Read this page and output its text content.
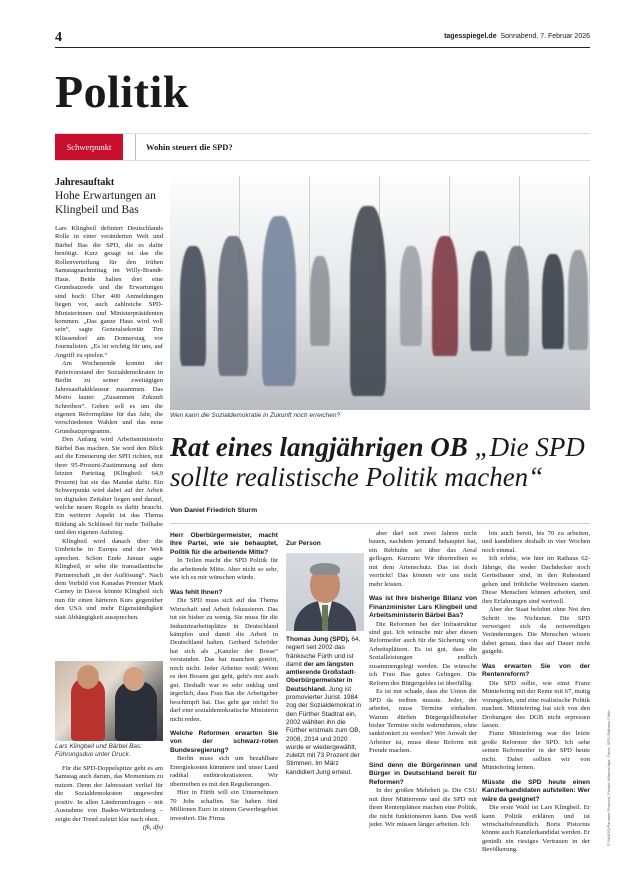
4	tagesspiegel.de Sonnabend, 7. Februar 2026
Politik
Schwerpunkt	Wohin steuert die SPD?
Jahresauftakt
Hohe Erwartungen an Klingbeil und Bas

Lars Klingbeil definiert Deutschlands Rolle in einer veränderten Welt und Bärbel Bas die SPD, die es dafür benötigt. Kurz gesagt ist das die Rollenverteilung für den frühen Samstagnachmittag im Willy-Brandt-Haus. Beide halten dort eine Grundsatzrede und die Erwartungen sind hoch: Über 400 Anmeldungen liegen vor, auch zahlreiche SPD-Ministerinnen und Ministerpräsidenten kommen. „Das ganze Haus wird voll sein“, sagte Generalsekretär Tim Klüssendorf am Donnerstag vor Journalisten. „Es ist wichtig für uns, auf Angriff zu spielen.“

Am Wochenende kommt der Parteivorstand der Sozialdemokraten in Berlin zu seiner zweitägigen Jahresauftaktklausur zusammen. Das Motto lautet: „Zusammen Zukunft Schreiben“. Gehen soll es um die eigenen Reformpläne für das Jahr, die verschiedenen Wahlen und das neue Grundsatzprogramm.

Den Anfang wird Arbeitsministerin Bärbel Bas machen. Sie wird den Blick auf die Erneuerung der SPD richten, mit ihrer 95-Prozent-Zustimmung auf dem letzten Parteitag (Klingbeil: 64,9 Prozent) hat sie das Mandat dafür. Ein Schwerpunkt wird dabei auf der Arbeit im digitalen Zeitalter liegen und darauf, welche neuen Regeln es dafür braucht. Ein weiterer Aspekt ist das Thema Bildung als Schlüssel für mehr Teilhabe und den eigenen Aufstieg.

Klingbeil wird danach über die Umbrüche in Europa und der Welt sprechen. Schon Ende Januar sagte Klingbeil, er sehe die transatlantische Partnerschaft „in der Auflösung“. Nach dem Vorbild von Kanadas Premier Mark Carney in Davos könnte Klingbeil sich nun für einen härteren Kurs gegenüber den USA und mehr Eigenständigkeit statt Abhängigkeit aussprechen.

Lars Klingbeil und Bärbel Bas: Führungsduo unter Druck.

Für die SPD-Doppelspitze geht es am Samstag auch darum, das Momentum zu nutzen. Denn der Jahresstart verlief für die Sozialdemokraten ungewohnt positiv. In allen Länderumfragen – mit Ausnahme von Baden-Württemberg – zeigte der Trend zuletzt klar nach oben.

(fk, dfs)
Wen kann die Sozialdemokratie in Zukunft noch erreichen?
Rat eines langjährigen OB „Die SPD sollte realistische Politik machen“
Von Daniel Friedrich Sturm
Herr Oberbürgermeister, macht Ihre Partei, wie sie behauptet, Politik für die arbeitende Mitte?

In Teilen macht die SPD Politik für die arbeitende Mitte. Aber nicht so sehr, wie ich es mir wünschen würde.

Was fehlt Ihnen?

Die SPD muss sich auf das Thema Wirtschaft und Arbeit fokussieren. Das tut sie bisher zu wenig. Sie muss für die Industriearbeitsplätze in Deutschland kämpfen und damit die Arbeit in Deutschland halten. Gerhard Schröder hat sich als „Kanzler der Bosse“ verstanden. Das hat manchen gestört, mich nicht. Jeder Arbeiter weiß: Wenn es den Bossen gut geht, geht's mir auch gut. Deshalb war es sehr unklug und ärgerlich, dass Frau Bas die Arbeitgeber beschimpft hat. Das geht gar nicht! So darf eine sozialdemokratische Ministerin nicht reden.

Welche Reformen erwarten Sie von der schwarz-roten Bundesregierung?

Berlin muss sich um bezahlbare Energiekosten kümmern und unser Land radikal entbürokratisieren. Wir übertreiben es mit den Regulierungen.

Hier in Fürth will ein Unternehmen 70 Jobs schaffen. Sie haben fünf Millionen Euro in einem Gewerbegebiet investiert. Die Firma

Zur Person
Thomas Jung (SPD), 64, regiert seit 2002 das fränkische Fürth und ist damit der am längsten amtierende Großstadt-Oberbürgermeister in Deutschland. Jung ist promovierter Jurist. 1984 zog der Sozialdemokrat in den Fürther Stadtrat ein, 2002 wählten ihn die Fürther erstmals zum OB, 2008, 2014 und 2020 wurde er wiedergewählt, zuletzt mit 73 Prozent der Stimmen. Im März kandidiert Jung erneut.

aber darf seit zwei Jahren nicht bauen, nachdem jemand behauptet hat, ein Rebhuhn sei über das Areal geflogen. Kurzum: Wir übertreiben es mit dem Artenschutz. Das ist doch verrückt! Das können wir uns nicht mehr leisten.

Was ist Ihre bisherige Bilanz von Finanzminister Lars Klingbeil und Arbeitsministerin Bärbel Bas?

Die Reformen bei der Infrastruktur sind gut. Ich wünsche mir aber diesen Reformeifer auch für die Sicherung von Arbeitsplätzen. Es ist gut, dass die Sozialleistungen endlich zusammengelegt werden. Da wünsche ich Frau Bas gutes Gelingen. Die Reform des Bürgergeldes ist überfällig.

Es ist nur schade, dass die Union die SPD da treiben musste. Jeder, der arbeitet, muss Termine einhalten. Warum dürften Bürgergeldbezieher bisher Termine nicht wahrnehmen, ohne sanktioniert zu werden? Wer Anwalt der Arbeiter ist, muss diese Reform mit Freude machen.

Sind denn die Bürgerinnen und Bürger in Deutschland bereit für Reformen?

In der großen Mehrheit ja. Die CSU mit ihrer Mütterrente und die SPD mit ihren Rentenplänen machen eine Politik, die nicht funktionieren kann. Das weiß jeder. Wir müssen länger arbeiten. Ich

bin auch bereit, bis 70 zu arbeiten, und kandidiere deshalb in vier Wochen noch einmal.

Ich erlebe, wie hier im Rathaus 62-Jährige, die weder Dachdecker noch Gerüstbauer sind, in den Ruhestand gehen und fröhliche Weltreisen starten. Diese Menschen können arbeiten, und ihre Erfahrungen sind wertvoll.

Aber der Staat belohnt ohne Not den Schritt ins Nichtstun. Die SPD verweigert sich da notwendigen Veränderungen. Die Menschen wissen dabei genau, dass das auf Dauer nicht gutgeht.

Was erwarten Sie von der Rentenreform?

Die SPD sollte, wie einst Franz Müntefering mit der Rente mit 67, mutig vorangehen, und eine realistische Politik machen. Müntefering hat sich von den Drohungen des DGB nicht erpressen lassen.

Franz Müntefering war der letzte große Reformer der SPD. Ich sehe seinen Reformeifer in der SPD heute nicht. Dabei sollten wir von Müntefering lernen.

Müsste die SPD heute einen Kanzlerkandidaten aufstellen: Wer wäre da geeignet?

Die erste Wahl ist Lars Klingbeil. Er kann Politik erklären und ist wirtschaftsfreundlich. Boris Pistorius könnte auch Kanzlerkandidat werden. Er genießt ein riesiges Vertrauen in der Bevölkerung.

© IMAGO/Panama Pictures, Picture Alliance/dpa; Fotos: SPD-Rathaus Fürth
